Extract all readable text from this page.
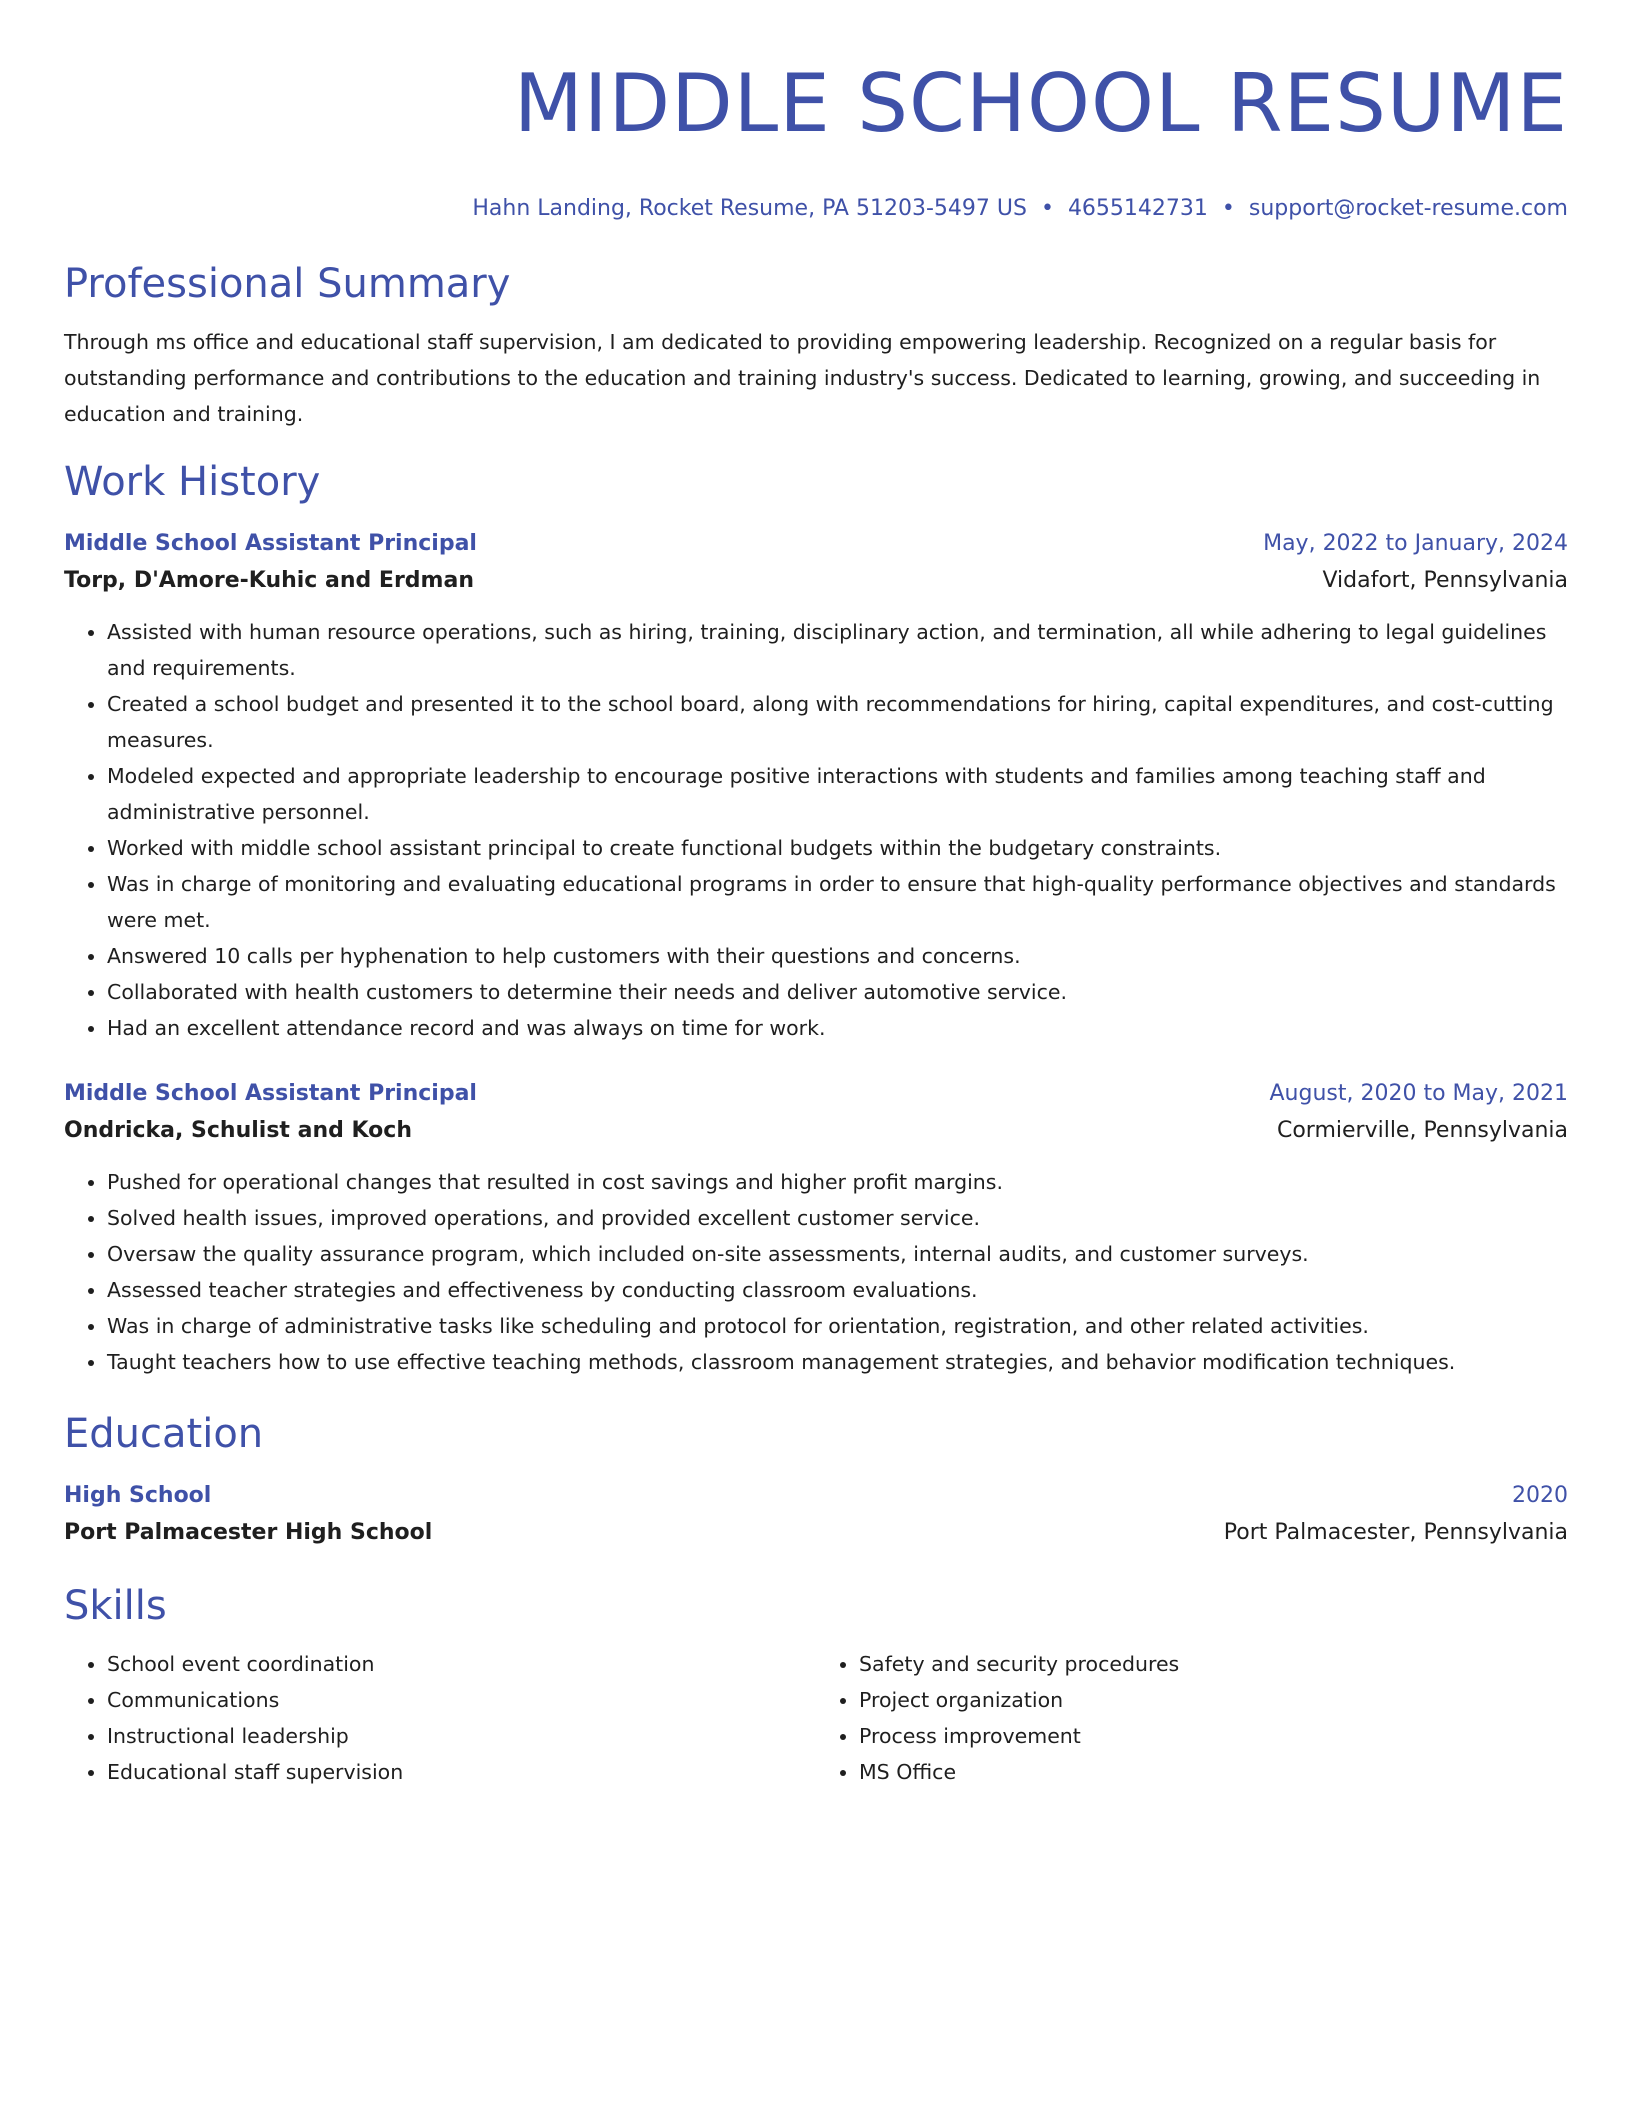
MIDDLE SCHOOL RESUME
Hahn Landing, Rocket Resume, PA 51203-5497 US • 4655142731 • support@rocket-resume.com
Professional Summary
Through ms office and educational staff supervision, I am dedicated to providing empowering leadership. Recognized on a regular basis for outstanding performance and contributions to the education and training industry's success. Dedicated to learning, growing, and succeeding in education and training.
Work History
Middle School Assistant Principal	May, 2022 to January, 2024
Torp, D'Amore-Kuhic and Erdman	Vidafort, Pennsylvania
• Assisted with human resource operations, such as hiring, training, disciplinary action, and termination, all while adhering to legal guidelines and requirements.
• Created a school budget and presented it to the school board, along with recommendations for hiring, capital expenditures, and cost-cutting measures.
• Modeled expected and appropriate leadership to encourage positive interactions with students and families among teaching staff and administrative personnel.
• Worked with middle school assistant principal to create functional budgets within the budgetary constraints.
• Was in charge of monitoring and evaluating educational programs in order to ensure that high-quality performance objectives and standards were met.
• Answered 10 calls per hyphenation to help customers with their questions and concerns.
• Collaborated with health customers to determine their needs and deliver automotive service.
• Had an excellent attendance record and was always on time for work.
Middle School Assistant Principal	August, 2020 to May, 2021
Ondricka, Schulist and Koch	Cormierville, Pennsylvania
• Pushed for operational changes that resulted in cost savings and higher profit margins.
• Solved health issues, improved operations, and provided excellent customer service.
• Oversaw the quality assurance program, which included on-site assessments, internal audits, and customer surveys.
• Assessed teacher strategies and effectiveness by conducting classroom evaluations.
• Was in charge of administrative tasks like scheduling and protocol for orientation, registration, and other related activities.
• Taught teachers how to use effective teaching methods, classroom management strategies, and behavior modification techniques.
Education
High School	2020
Port Palmacester High School	Port Palmacester, Pennsylvania
Skills
• School event coordination
• Communications
• Instructional leadership
• Educational staff supervision
• Safety and security procedures
• Project organization
• Process improvement
• MS Office
